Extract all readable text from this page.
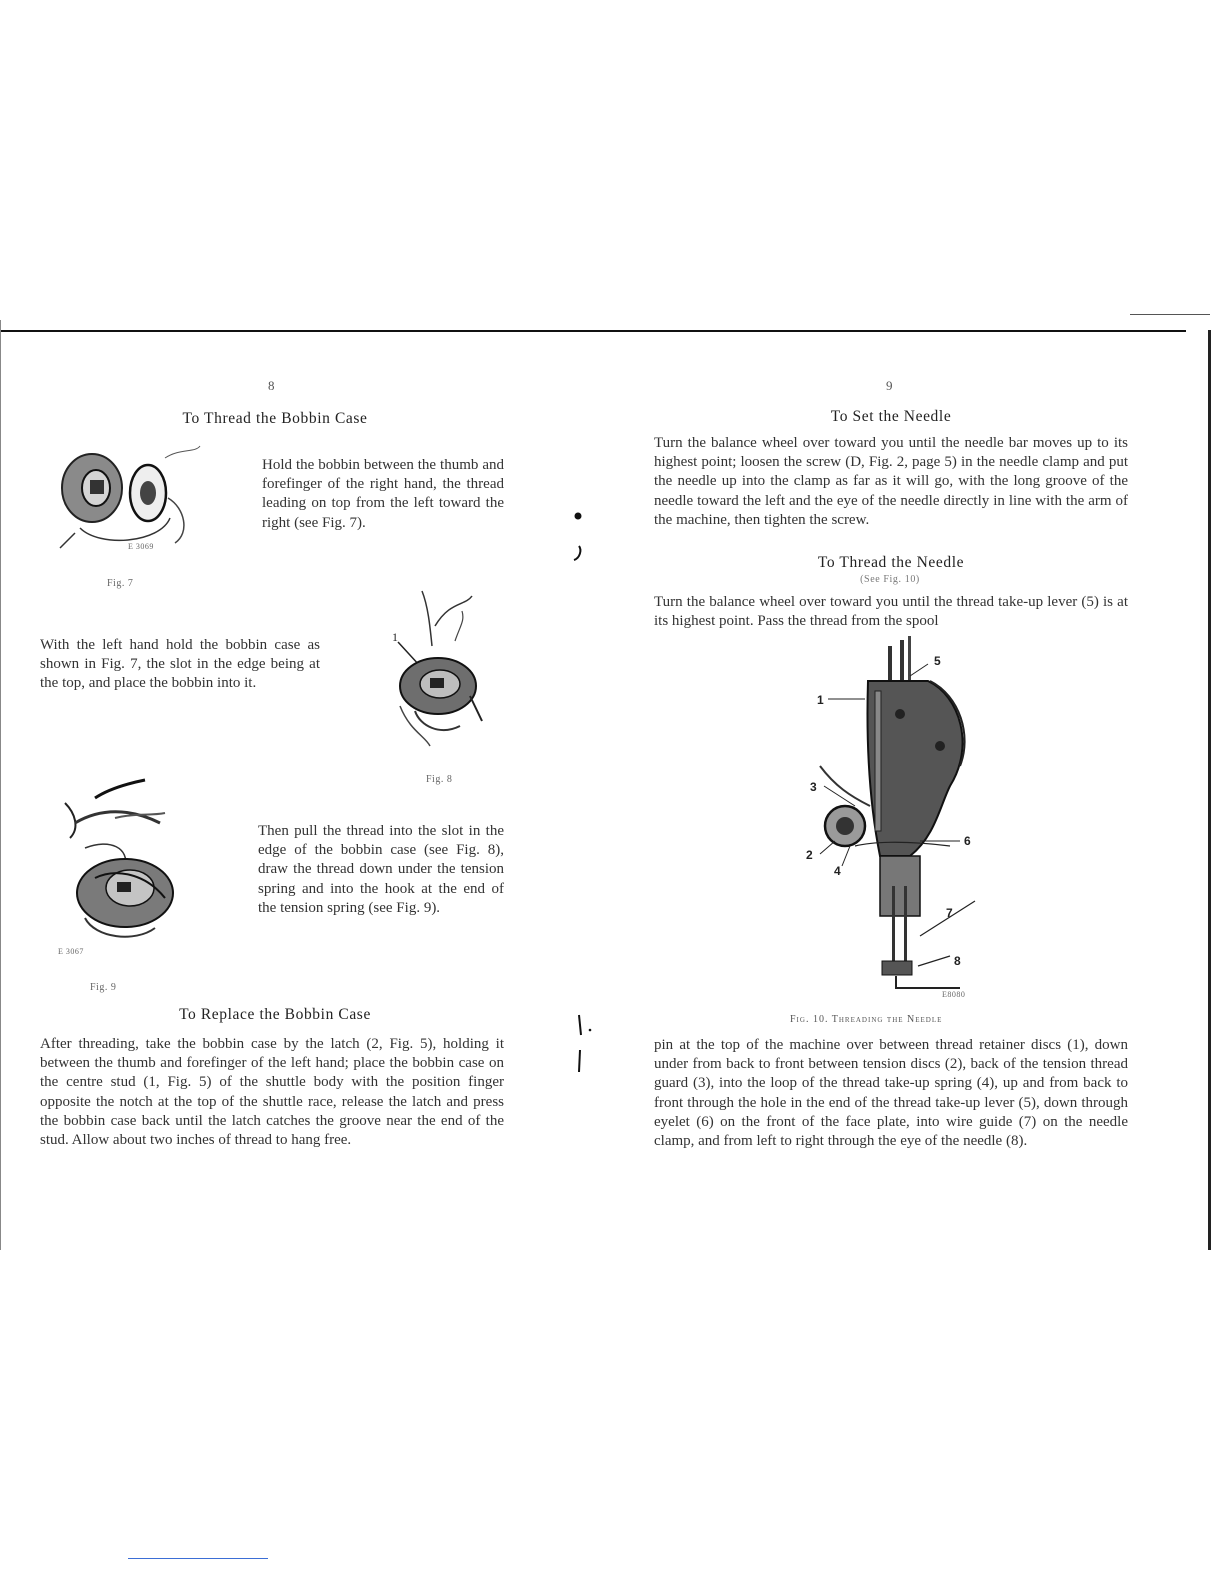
8
To Thread the Bobbin Case
E 3069
Fig. 7
Hold the bobbin between the thumb and forefinger of the right hand, the thread leading on top from the left toward the right (see Fig. 7).
With the left hand hold the bobbin case as shown in Fig. 7, the slot in the edge being at the top, and place the bobbin into it.
1
Fig. 8
E 3067
Fig. 9
Then pull the thread into the slot in the edge of the bobbin case (see Fig. 8), draw the thread down under the tension spring and into the hook at the end of the tension spring (see Fig. 9).
To Replace the Bobbin Case
After threading, take the bobbin case by the latch (2, Fig. 5), holding it between the thumb and forefinger of the left hand; place the bobbin case on the centre stud (1, Fig. 5) of the shuttle body with the position finger opposite the notch at the top of the shuttle race, release the latch and press the bobbin case back until the latch catches the groove near the end of the stud. Allow about two inches of thread to hang free.
9
To Set the Needle
Turn the balance wheel over toward you until the needle bar moves up to its highest point; loosen the screw (D, Fig. 2, page 5) in the needle clamp and put the needle up into the clamp as far as it will go, with the long groove of the needle toward the left and the eye of the needle directly in line with the arm of the machine, then tighten the screw.
To Thread the Needle
(See Fig. 10)
Turn the balance wheel over toward you until the thread take-up lever (5) is at its highest point. Pass the thread from the spool
1
5
3
2
4
6
7
8
E8080
Fig. 10. Threading the Needle
pin at the top of the machine over between thread retainer discs (1), down under from back to front between tension discs (2), back of the tension thread guard (3), into the loop of the thread take-up spring (4), up and from back to front through the hole in the end of the thread take-up lever (5), down through eyelet (6) on the front of the face plate, into wire guide (7) on the needle clamp, and from left to right through the eye of the needle (8).
